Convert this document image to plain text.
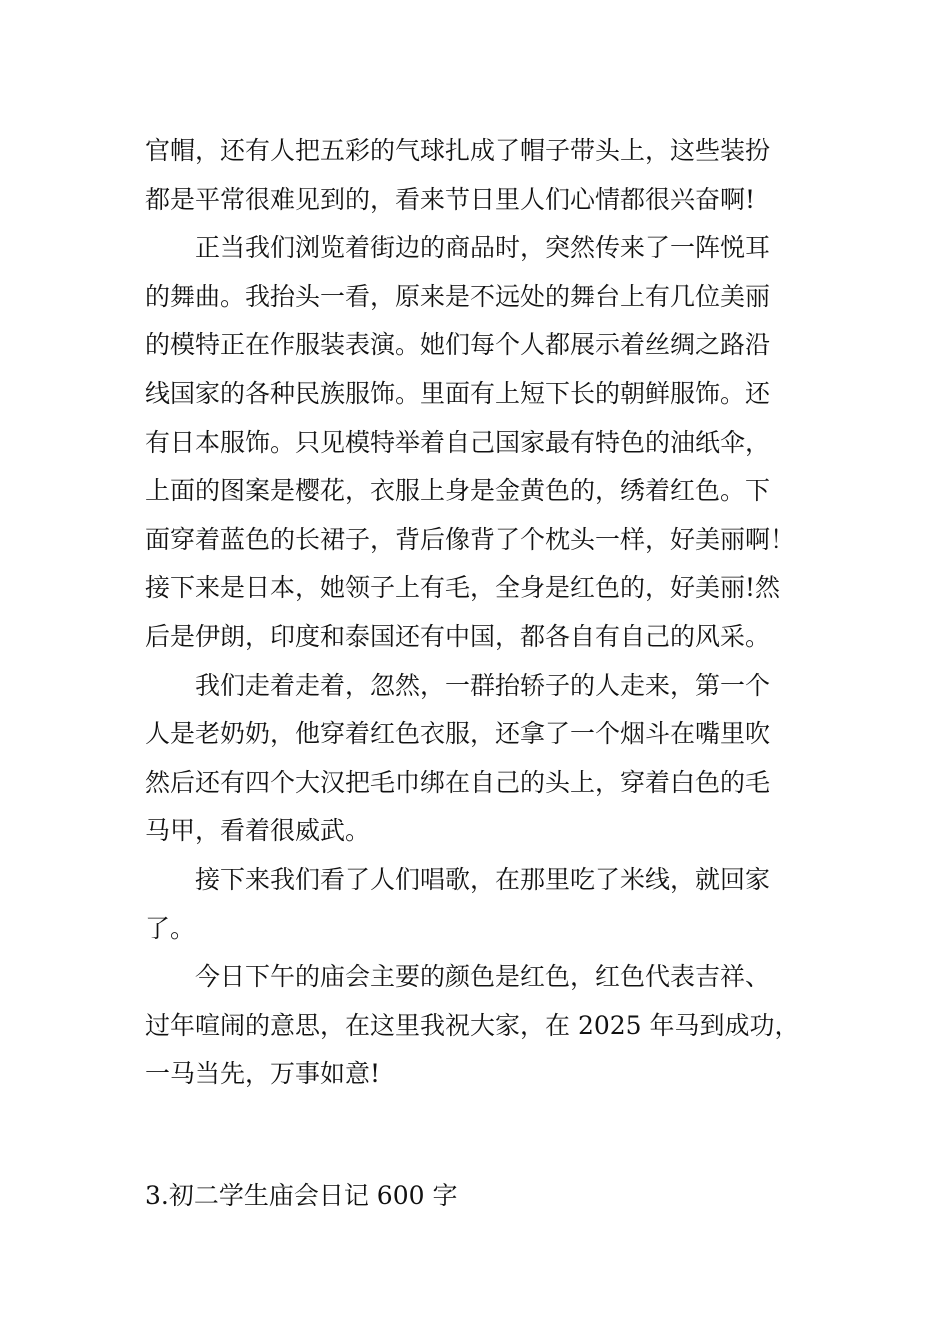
官帽，还有人把五彩的气球扎成了帽子带头上，这些装扮
都是平常很难见到的，看来节日里人们心情都很兴奋啊!

正当我们浏览着街边的商品时，突然传来了一阵悦耳
的舞曲。我抬头一看，原来是不远处的舞台上有几位美丽
的模特正在作服装表演。她们每个人都展示着丝绸之路沿
线国家的各种民族服饰。里面有上短下长的朝鲜服饰。还
有日本服饰。只见模特举着自己国家最有特色的油纸伞，
上面的图案是樱花，衣服上身是金黄色的，绣着红色。下
面穿着蓝色的长裙子，背后像背了个枕头一样，好美丽啊！
接下来是日本，她领子上有毛，全身是红色的，好美丽!然
后是伊朗，印度和泰国还有中国，都各自有自己的风采。

我们走着走着，忽然，一群抬轿子的人走来，第一个
人是老奶奶，他穿着红色衣服，还拿了一个烟斗在嘴里吹
然后还有四个大汉把毛巾绑在自己的头上，穿着白色的毛
马甲，看着很威武。

接下来我们看了人们唱歌，在那里吃了米线，就回家
了。

今日下午的庙会主要的颜色是红色，红色代表吉祥、
过年喧闹的意思，在这里我祝大家，在 2025 年马到成功，
一马当先，万事如意!

3.初二学生庙会日记 600 字
